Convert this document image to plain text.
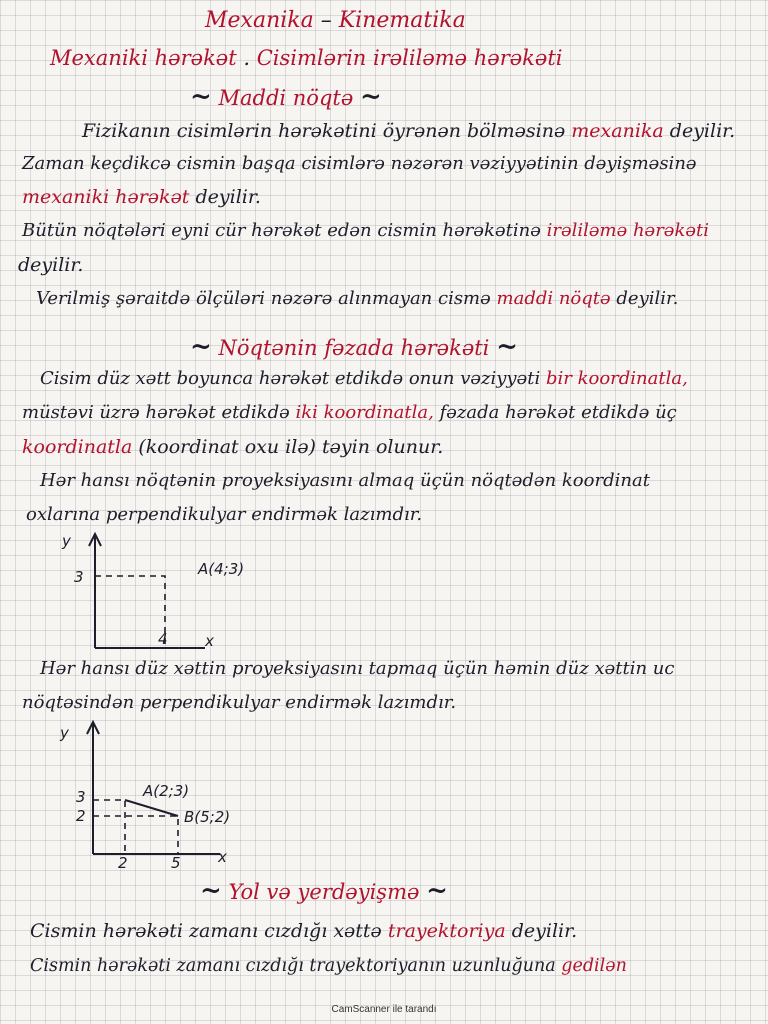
Mexanika – Kinematika
Mexaniki hərəkət . Cisimlərin irəliləmə hərəkəti
~ Maddi nöqtə ~
Fizikanın cisimlərin hərəkətini öyrənən bölməsinə mexanika deyilir.
Zaman keçdikcə cismin başqa cisimlərə nəzərən vəziyyətinin dəyişməsinə
mexaniki hərəkət deyilir.
Bütün nöqtələri eyni cür hərəkət edən cismin hərəkətinə irəliləmə hərəkəti
deyilir.
Verilmiş şəraitdə ölçüləri nəzərə alınmayan cismə maddi nöqtə deyilir.
~ Nöqtənin fəzada hərəkəti ~
Cisim düz xətt boyunca hərəkət etdikdə onun vəziyyəti bir koordinatla,
müstəvi üzrə hərəkət etdikdə iki koordinatla, fəzada hərəkət etdikdə üç
koordinatla (koordinat oxu ilə) təyin olunur.
Hər hansı nöqtənin proyeksiyasını almaq üçün nöqtədən koordinat
oxlarına perpendikulyar endirmək lazımdır.
y
x
3
4
A(4;3)
Hər hansı düz xəttin proyeksiyasını tapmaq üçün həmin düz xəttin uc
nöqtəsindən perpendikulyar endirmək lazımdır.
y
x
3
2
2	5
A(2;3)
B(5;2)
~ Yol və yerdəyişmə ~
Cismin hərəkəti zamanı cızdığı xəttə trayektoriya deyilir.
Cismin hərəkəti zamanı cızdığı trayektoriyanın uzunluğuna gedilən
CamScanner ile tarandı
